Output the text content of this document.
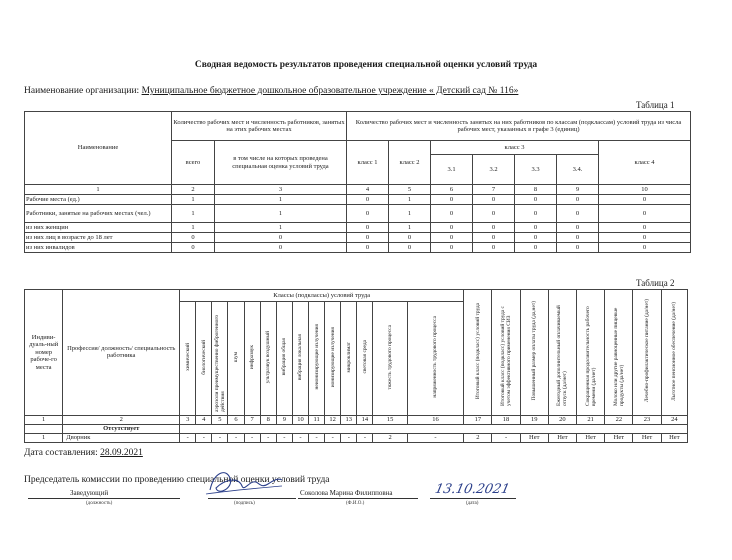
Сводная ведомость результатов проведения специальной оценки условий труда
Наименование организации: Муниципальное бюджетное дошкольное образовательное учреждение « Детский сад № 116»
Таблица 1
Наименование	Количество рабочих мест и численность работников, занятых на этих рабочих местах		Количество рабочих мест и численность занятых на них работников по классам (подклассам) условий труда из числа рабочих мест, указанных в графе 3 (единиц)						
	всего	в том числе на которых проведена специальная оценка условий труда	класс 1	класс 2	класс 3				класс 4
					3.1	3.2	3.3	3.4.	
1	2	3	4	5	6	7	8	9	10
Рабочие места (ед.)	1	1	0	1	0	0	0	0	0
Работники, занятые на рабочих местах (чел.)	1	1	0	1	0	0	0	0	0
из них женщин	1	1	0	1	0	0	0	0	0
из них лиц в возрасте до 18 лет	0	0	0	0	0	0	0	0	0
из них инвалидов	0	0	0	0	0	0	0	0	0
Таблица 2
Индиви-дуаль-ный номер рабоче-го места	Профессия/ должность/ специальность работника	Классы (подклассы) условий труда														Итоговый класс (подкласс) условий труда	Итоговый класс (подкласс) условий труда с учетом эффективного применения СИЗ	Повышенный размер оплаты труда (да,нет)	Ежегодный дополнительный оплачиваемый отпуск (да/нет)	Сокращенная продолжительность рабочего времени (да/нет)	Молоко или другие равноценные пищевые продукты (да/нет)	Лечебно-профилактическое питание (да/нет)	Льготное пенсионное обеспечение (да/нет)
		химический	биологический	аэрозоли преимущественно фиброгенного действия	шум	инфразвук	ультразвук воздушный	вибрация общая	вибрация локальная	неионизирующие излучения	ионизирующие излучения	микроклимат	световая среда	тяжесть трудового процесса	напряженность трудового процесса								
1	2	3	4	5	6	7	8	9	10	11	12	13	14	15	16	17	18	19	20	21	22	23	24
	Отсутствует																						
1	Дворник	-	-	-	-	-	-	-	-	-	-	-	-	2	-	2	-	Нет	Нет	Нет	Нет	Нет	Нет
Дата составления: 28.09.2021
Председатель комиссии по проведению специальной оценки условий труда
Заведующий
(должность)	(подпись)
Соколова Марина Филипповна
(Ф.И.О.)	(дата)
13.10.2021
